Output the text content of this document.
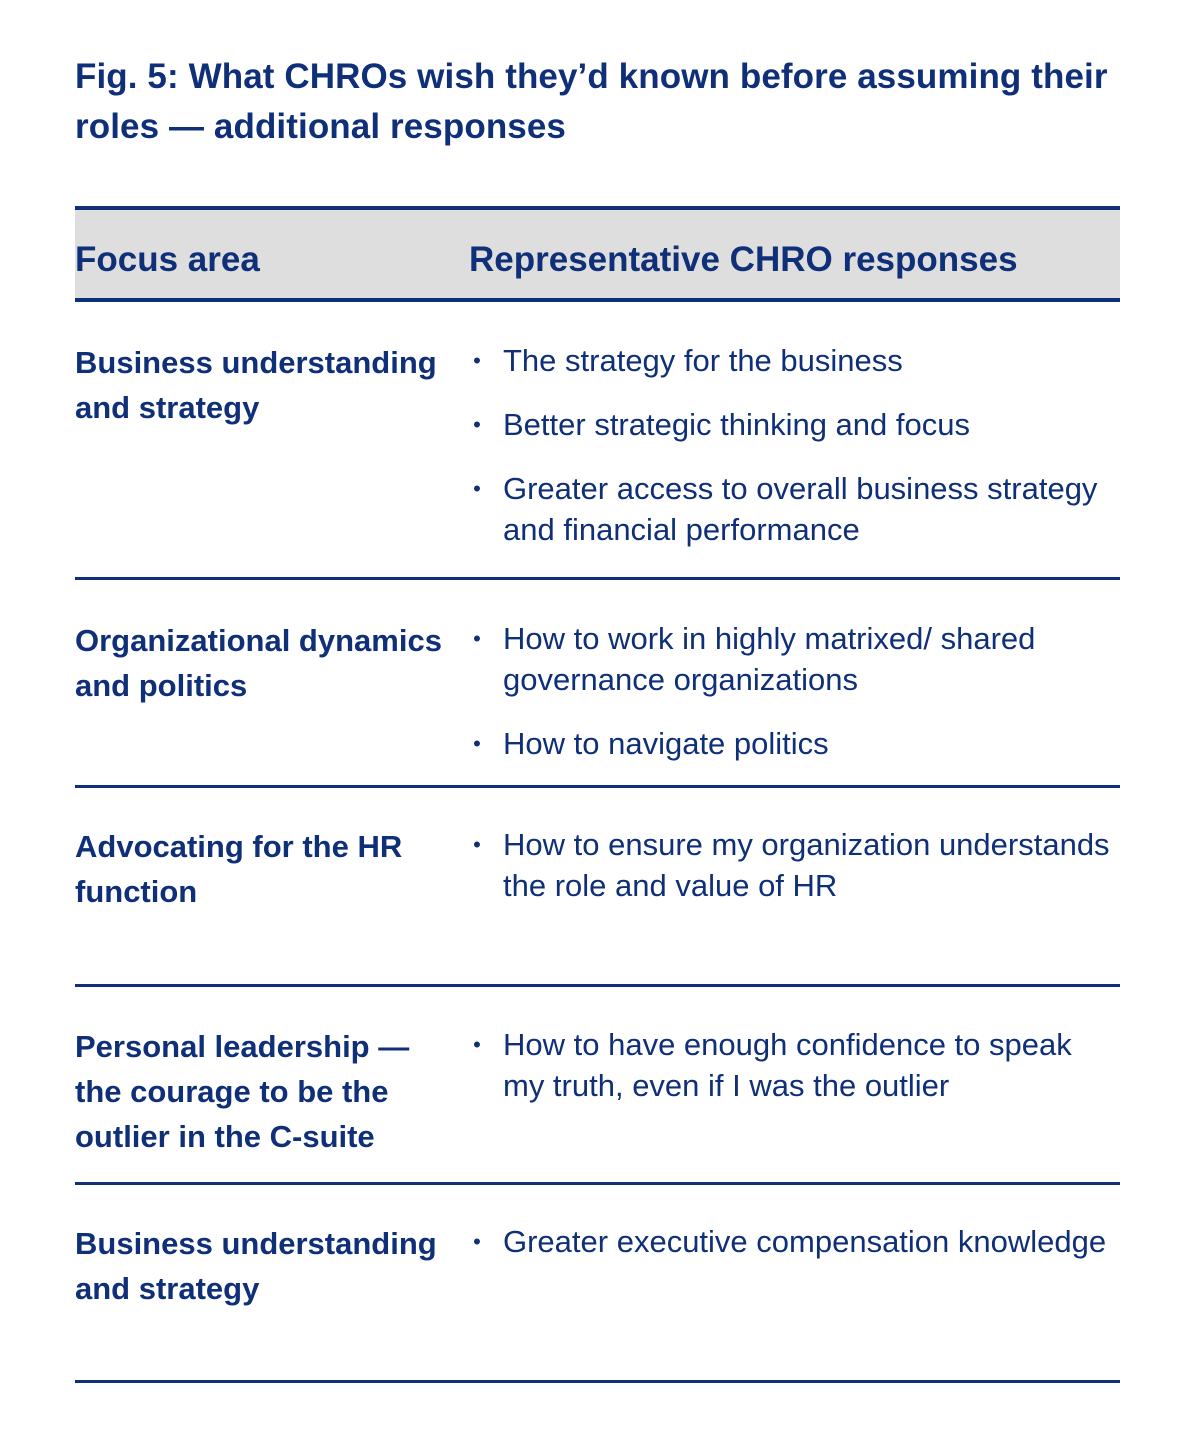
Fig. 5: What CHROs wish they’d known before assuming their roles — additional responses
Focus area	Representative CHRO responses
Business understanding and strategy
• The strategy for the business
• Better strategic thinking and focus
• Greater access to overall business strategy and financial performance
Organizational dynamics and politics
• How to work in highly matrixed/ shared governance organizations
• How to navigate politics
Advocating for the HR function
• How to ensure my organization understands the role and value of HR
Personal leadership — the courage to be the outlier in the C-suite
• How to have enough confidence to speak my truth, even if I was the outlier
Business understanding and strategy
• Greater executive compensation knowledge
